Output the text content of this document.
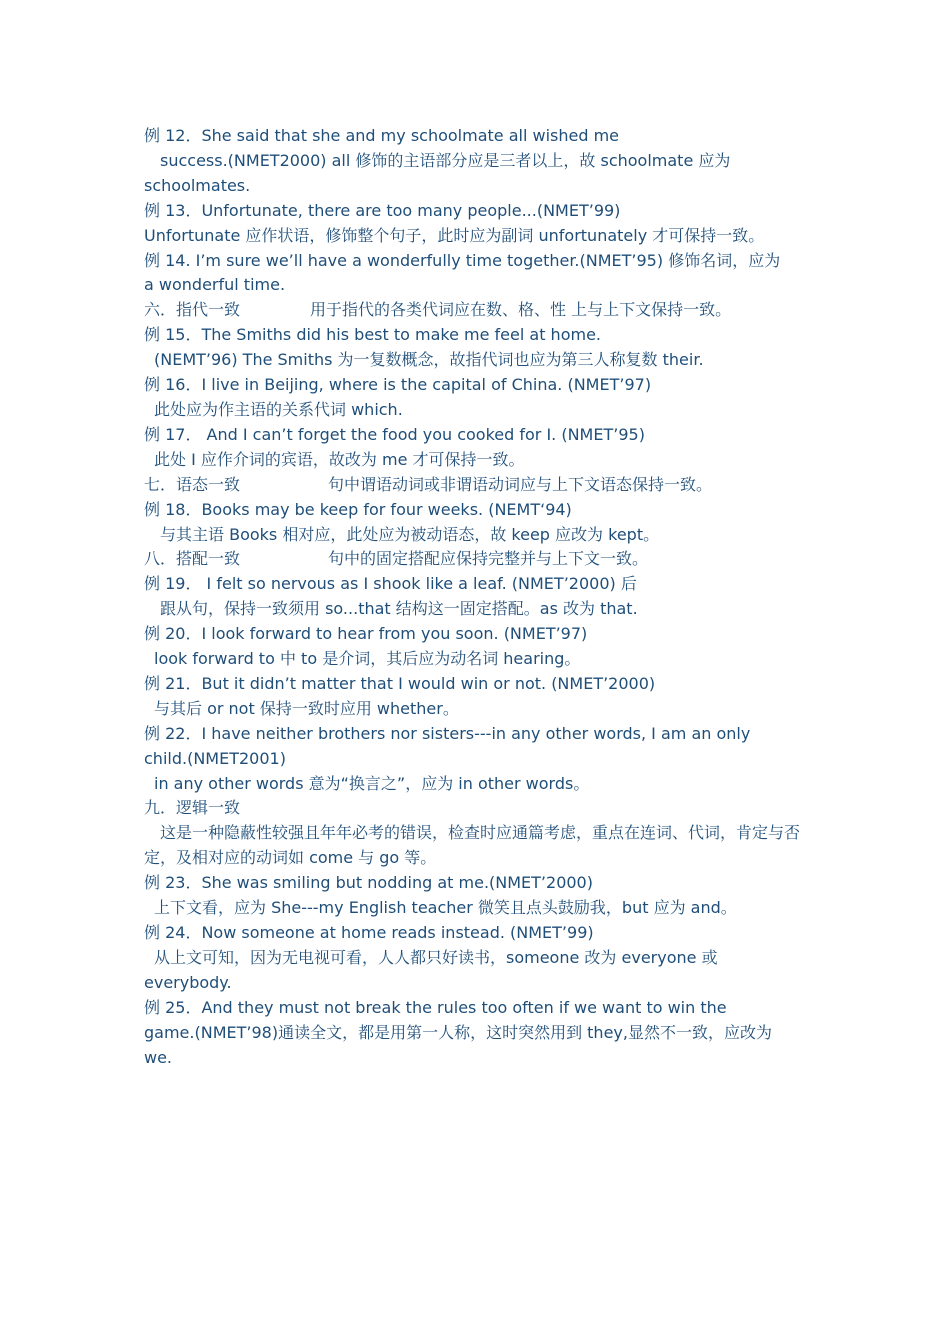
例 12．She said that she and my schoolmate all wished me

success.(NMET2000) all 修饰的主语部分应是三者以上，故 schoolmate 应为

schoolmates.

例 13．Unfortunate, there are too many people...(NMET’99)

Unfortunate 应作状语，修饰整个句子，此时应为副词 unfortunately 才可保持一致。

例 14. I’m sure we’ll have a wonderfully time together.(NMET’95) 修饰名词，应为

a wonderful time.

六．指代一致	用于指代的各类代词应在数、格、性 上与上下文保持一致。

例 15．The Smiths did his best to make me feel at home.

(NEMT’96) The Smiths 为一复数概念，故指代词也应为第三人称复数 their.

例 16．I live in Beijing, where is the capital of China. (NMET’97)

此处应为作主语的关系代词 which.

例 17． And I can’t forget the food you cooked for I. (NMET’95)

此处 I 应作介词的宾语，故改为 me 才可保持一致。

七．语态一致	句中谓语动词或非谓语动词应与上下文语态保持一致。

例 18．Books may be keep for four weeks. (NEMT‘94)

与其主语 Books 相对应，此处应为被动语态，故 keep 应改为 kept。

八．搭配一致	句中的固定搭配应保持完整并与上下文一致。

例 19． I felt so nervous as I shook like a leaf. (NMET’2000) 后

跟从句，保持一致须用 so...that 结构这一固定搭配。as 改为 that.

例 20．I look forward to hear from you soon. (NMET’97)

look forward to 中 to 是介词，其后应为动名词 hearing。

例 21．But it didn’t matter that I would win or not. (NMET’2000)

与其后 or not 保持一致时应用 whether。

例 22．I have neither brothers nor sisters---in any other words, I am an only

child.(NMET2001)

in any other words 意为“换言之”，应为 in other words。

九．逻辑一致

这是一种隐蔽性较强且年年必考的错误，检查时应通篇考虑，重点在连词、代词，肯定与否定，及相对应的动词如 come 与 go 等。

例 23．She was smiling but nodding at me.(NMET’2000)

上下文看，应为 She---my English teacher 微笑且点头鼓励我，but 应为 and。

例 24．Now someone at home reads instead. (NMET’99)

从上文可知，因为无电视可看，人人都只好读书，someone 改为 everyone 或

everybody.

例 25．And they must not break the rules too often if we want to win the

game.(NMET’98)通读全文，都是用第一人称，这时突然用到 they,显然不一致，应改为

we.
